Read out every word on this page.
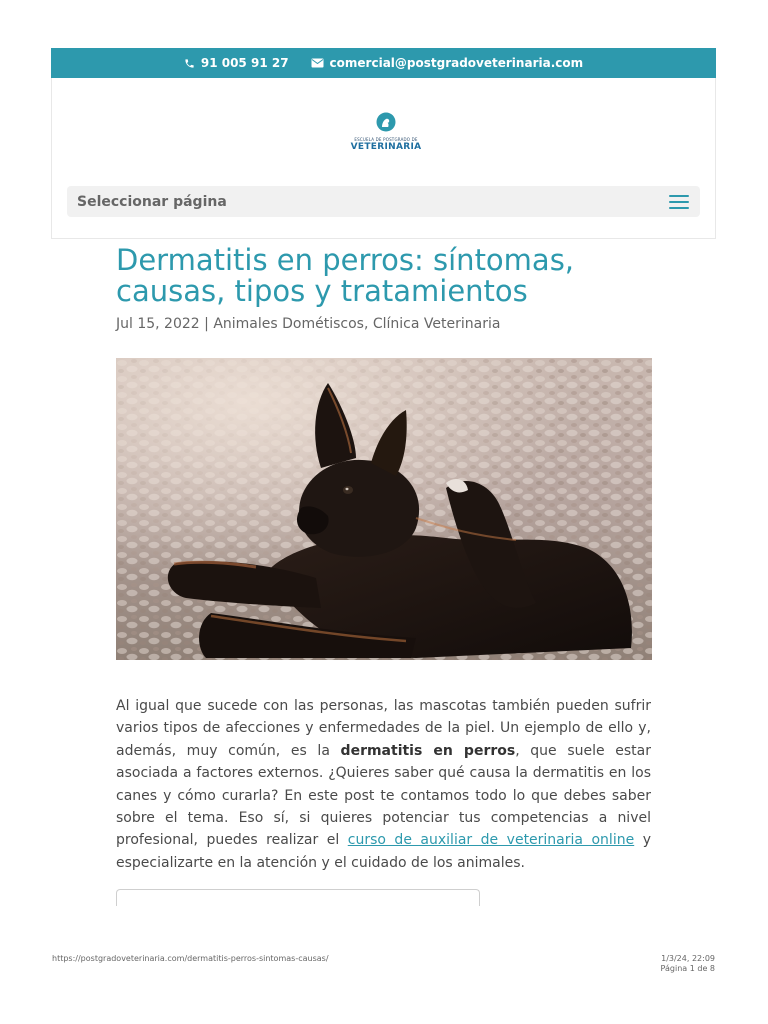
91 005 91 27	comercial@postgradoveterinaria.com
ESCUELA DE POSTGRADO DE
VETERINARIA
Seleccionar página
Dermatitis en perros: síntomas, causas, tipos y tratamientos
Jul 15, 2022 | Animales Dométiscos, Clínica Veterinaria

Al igual que sucede con las personas, las mascotas también pueden sufrir varios tipos de afecciones y enfermedades de la piel. Un ejemplo de ello y, además, muy común, es la dermatitis en perros, que suele estar asociada a factores externos. ¿Quieres saber qué causa la dermatitis en los canes y cómo curarla? En este post te contamos todo lo que debes saber sobre el tema. Eso sí, si quieres potenciar tus competencias a nivel profesional, puedes realizar el curso de auxiliar de veterinaria online y especializarte en la atención y el cuidado de los animales.

https://postgradoveterinaria.com/dermatitis-perros-sintomas-causas/	1/3/24, 22:09
Página 1 de 8
